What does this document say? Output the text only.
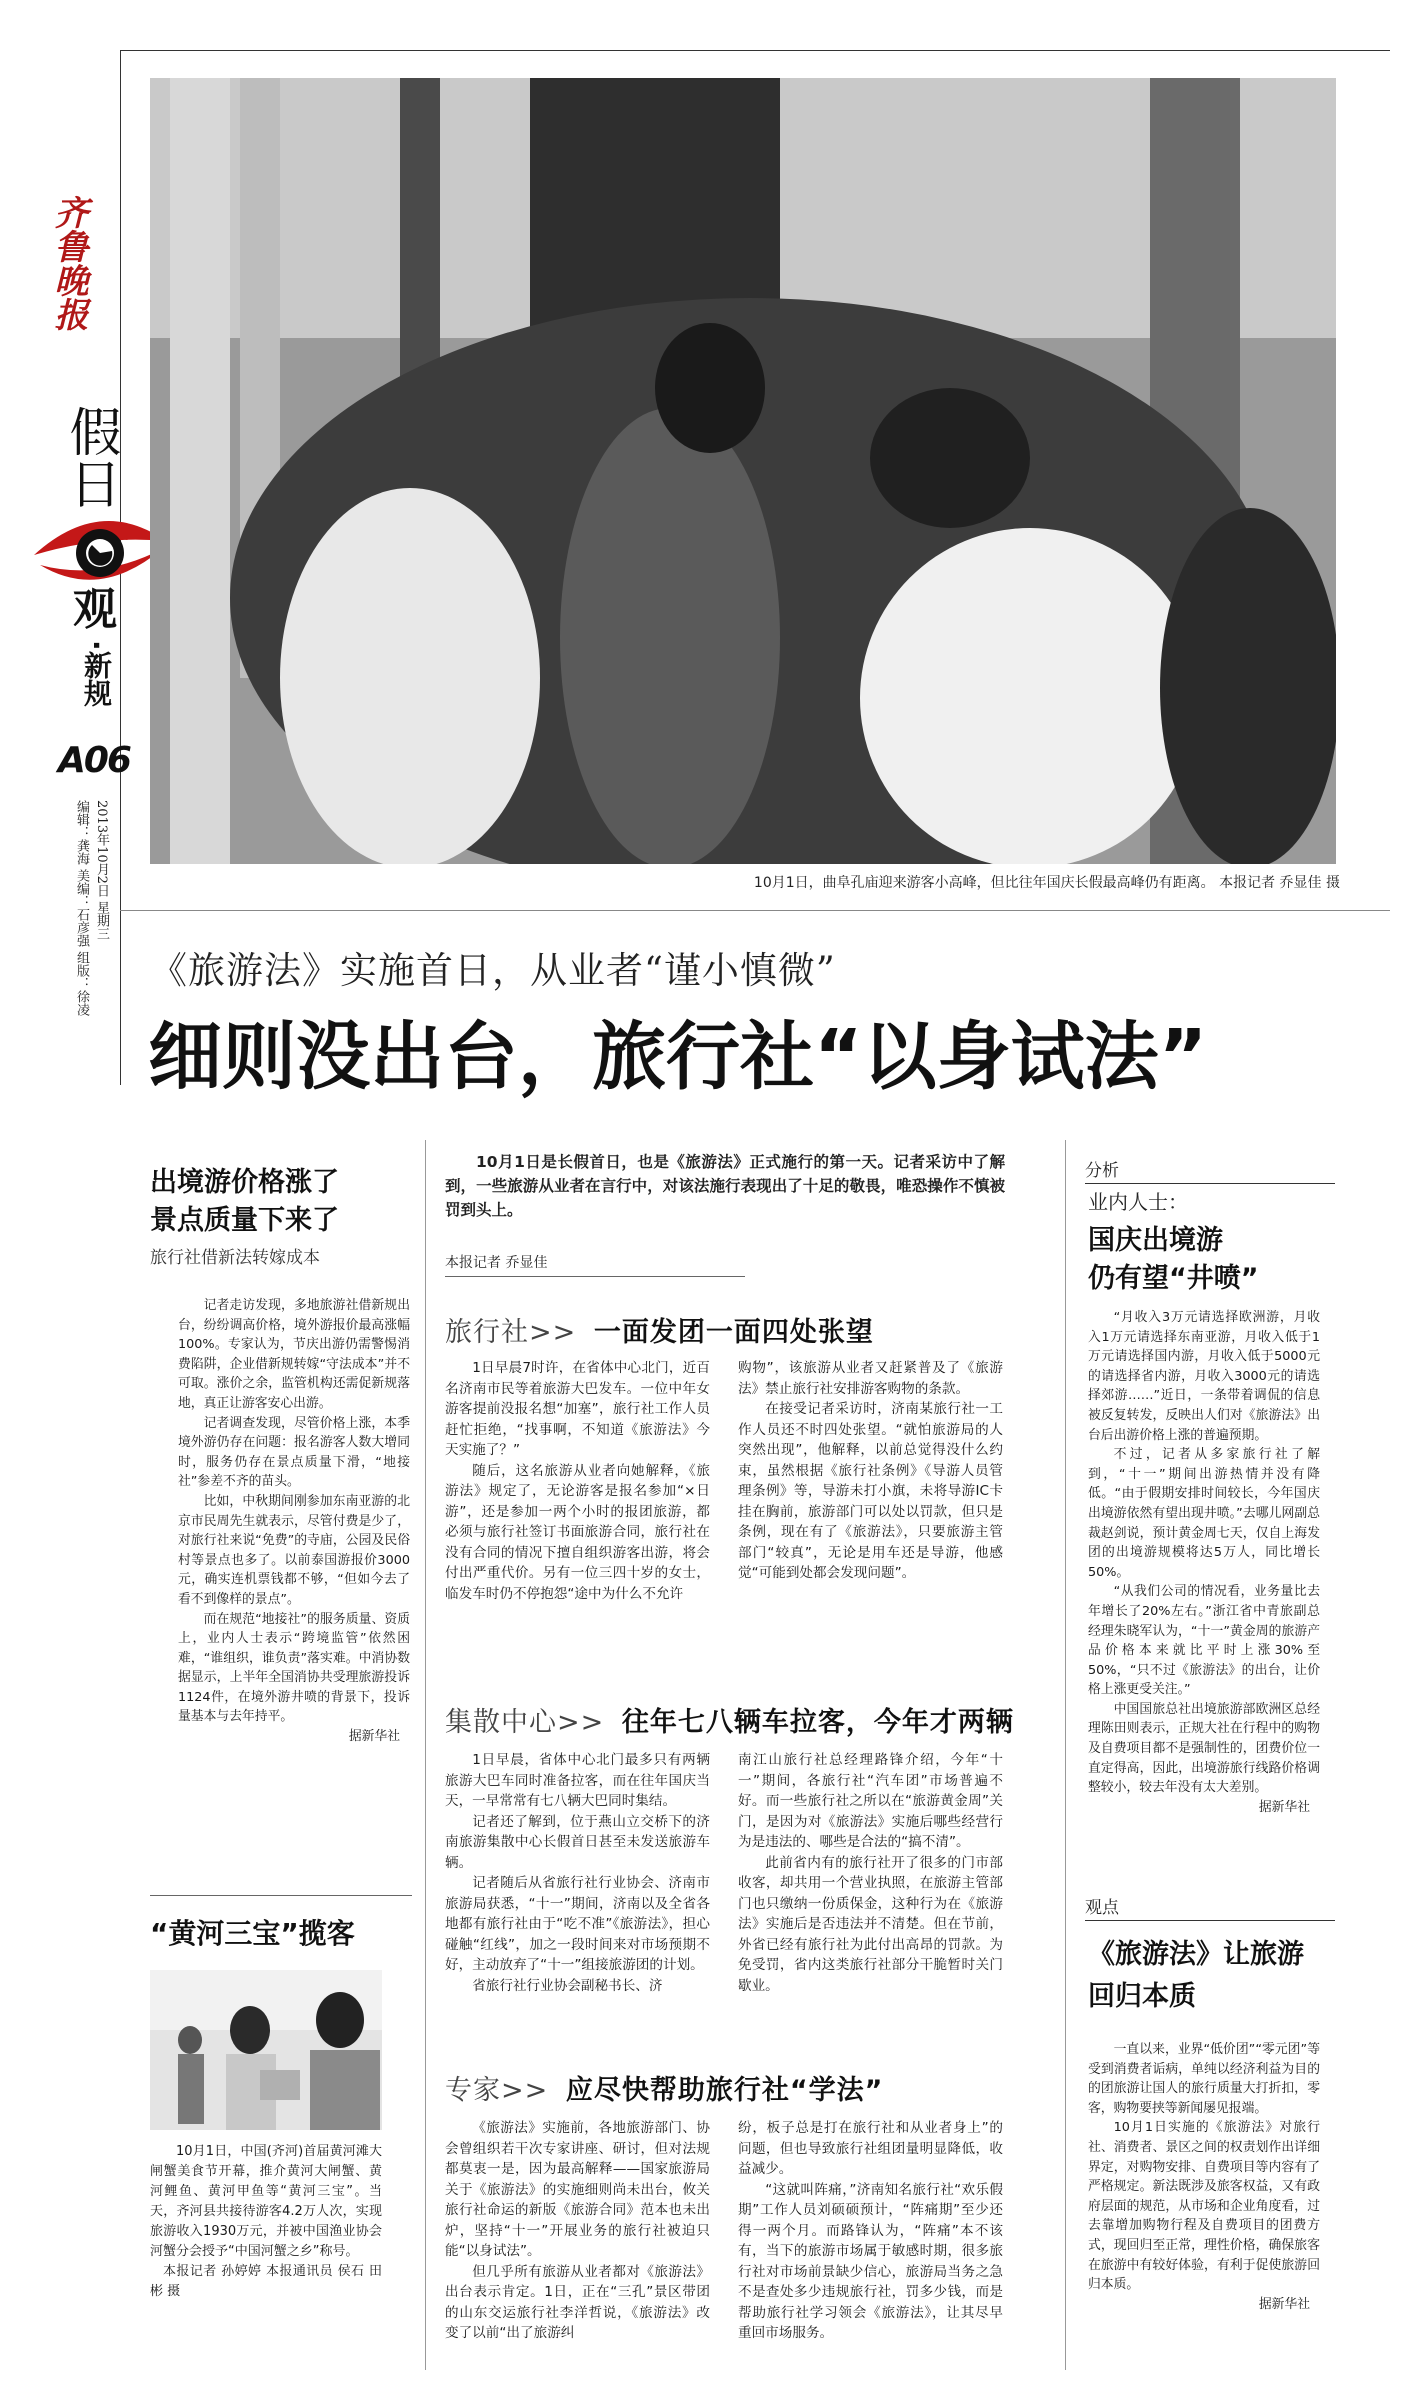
齐鲁晚报
假日
观
·新规
A06
2013年10月2日 星期三
编辑：龚海 美编：石彦强 组版：徐凌	10月1日，曲阜孔庙迎来游客小高峰，但比往年国庆长假最高峰仍有距离。 本报记者 乔显佳 摄
《旅游法》实施首日，从业者“谨小慎微”
细则没出台，旅行社“以身试法”
出境游价格涨了
景点质量下来了
旅行社借新法转嫁成本

记者走访发现，多地旅游社借新规出台，纷纷调高价格，境外游报价最高涨幅100%。专家认为，节庆出游仍需警惕消费陷阱，企业借新规转嫁“守法成本”并不可取。涨价之余，监管机构还需促新规落地，真正让游客安心出游。

记者调查发现，尽管价格上涨，本季境外游仍存在问题：报名游客人数大增同时，服务仍存在景点质量下滑，“地接社”参差不齐的苗头。

比如，中秋期间刚参加东南亚游的北京市民周先生就表示，尽管付费是少了，对旅行社来说“免费”的寺庙，公园及民俗村等景点也多了。以前泰国游报价3000元，确实连机票钱都不够，“但如今去了看不到像样的景点”。

而在规范“地接社”的服务质量、资质上，业内人士表示“跨境监管”依然困难，“谁组织，谁负责”落实难。中消协数据显示，上半年全国消协共受理旅游投诉1124件，在境外游井喷的背景下，投诉量基本与去年持平。

据新华社
“黄河三宝”揽客

10月1日，中国(齐河)首届黄河滩大闸蟹美食节开幕，推介黄河大闸蟹、黄河鲤鱼、黄河甲鱼等“黄河三宝”。当天，齐河县共接待游客4.2万人次，实现旅游收入1930万元，并被中国渔业协会河蟹分会授予“中国河蟹之乡”称号。

本报记者 孙婷婷 本报通讯员 侯石 田彬 摄

10月1日是长假首日，也是《旅游法》正式施行的第一天。记者采访中了解到，一些旅游从业者在言行中，对该法施行表现出了十足的敬畏，唯恐操作不慎被罚到头上。

本报记者 乔显佳
旅行社>> 一面发团一面四处张望

1日早晨7时许，在省体中心北门，近百名济南市民等着旅游大巴发车。一位中年女游客提前没报名想“加塞”，旅行社工作人员赶忙拒绝，“找事啊，不知道《旅游法》今天实施了？”

随后，这名旅游从业者向她解释，《旅游法》规定了，无论游客是报名参加“×日游”，还是参加一两个小时的报团旅游，都必须与旅行社签订书面旅游合同，旅行社在没有合同的情况下擅自组织游客出游，将会付出严重代价。另有一位三四十岁的女士，临发车时仍不停抱怨“途中为什么不允许

购物”，该旅游从业者又赶紧普及了《旅游法》禁止旅行社安排游客购物的条款。

在接受记者采访时，济南某旅行社一工作人员还不时四处张望。“就怕旅游局的人突然出现”，他解释，以前总觉得没什么约束，虽然根据《旅行社条例》《导游人员管理条例》等，导游未打小旗，未将导游IC卡挂在胸前，旅游部门可以处以罚款，但只是条例，现在有了《旅游法》，只要旅游主管部门“较真”，无论是用车还是导游，他感觉“可能到处都会发现问题”。

集散中心>> 往年七八辆车拉客，今年才两辆

1日早晨，省体中心北门最多只有两辆旅游大巴车同时准备拉客，而在往年国庆当天，一早常常有七八辆大巴同时集结。

记者还了解到，位于燕山立交桥下的济南旅游集散中心长假首日甚至未发送旅游车辆。

记者随后从省旅行社行业协会、济南市旅游局获悉，“十一”期间，济南以及全省各地都有旅行社由于“吃不准”《旅游法》，担心碰触“红线”，加之一段时间来对市场预期不好，主动放弃了“十一”组接旅游团的计划。

省旅行社行业协会副秘书长、济

南江山旅行社总经理路锋介绍，今年“十一”期间，各旅行社“汽车团”市场普遍不好。而一些旅行社之所以在“旅游黄金周”关门，是因为对《旅游法》实施后哪些经营行为是违法的、哪些是合法的“搞不清”。

此前省内有的旅行社开了很多的门市部收客，却共用一个营业执照，在旅游主管部门也只缴纳一份质保金，这种行为在《旅游法》实施后是否违法并不清楚。但在节前，外省已经有旅行社为此付出高昂的罚款。为免受罚，省内这类旅行社部分干脆暂时关门歇业。

专家>> 应尽快帮助旅行社“学法”

《旅游法》实施前，各地旅游部门、协会曾组织若干次专家讲座、研讨，但对法规都莫衷一是，因为最高解释——国家旅游局关于《旅游法》的实施细则尚未出台，攸关旅行社命运的新版《旅游合同》范本也未出炉，坚持“十一”开展业务的旅行社被迫只能“以身试法”。

但几乎所有旅游从业者都对《旅游法》出台表示肯定。1日，正在“三孔”景区带团的山东交运旅行社李洋哲说，《旅游法》改变了以前“出了旅游纠

纷，板子总是打在旅行社和从业者身上”的问题，但也导致旅行社组团量明显降低，收益减少。

“这就叫阵痛，”济南知名旅行社“欢乐假期”工作人员刘硕硕预计，“阵痛期”至少还得一两个月。而路锋认为，“阵痛”本不该有，当下的旅游市场属于敏感时期，很多旅行社对市场前景缺少信心，旅游局当务之急不是查处多少违规旅行社，罚多少钱，而是帮助旅行社学习领会《旅游法》，让其尽早重回市场服务。

分析
业内人士：
国庆出境游
仍有望“井喷”

“月收入3万元请选择欧洲游，月收入1万元请选择东南亚游，月收入低于1万元请选择国内游，月收入低于5000元的请选择省内游，月收入3000元的请选择郊游……”近日，一条带着调侃的信息被反复转发，反映出人们对《旅游法》出台后出游价格上涨的普遍预期。

不过，记者从多家旅行社了解到，“十一”期间出游热情并没有降低。“由于假期安排时间较长，今年国庆出境游依然有望出现井喷。”去哪儿网副总裁赵剑说，预计黄金周七天，仅自上海发团的出境游规模将达5万人，同比增长50%。

“从我们公司的情况看，业务量比去年增长了20%左右。”浙江省中青旅副总经理朱晓军认为，“十一”黄金周的旅游产品价格本来就比平时上涨30%至50%，“只不过《旅游法》的出台，让价格上涨更受关注。”

中国国旅总社出境旅游部欧洲区总经理陈田则表示，正规大社在行程中的购物及自费项目都不是强制性的，团费价位一直定得高，因此，出境游旅行线路价格调整较小，较去年没有太大差别。

据新华社
观点
《旅游法》让旅游
回归本质

一直以来，业界“低价团”“零元团”等受到消费者诟病，单纯以经济利益为目的的团旅游让国人的旅行质量大打折扣，零客，购物要挟等新闻屡见报端。

10月1日实施的《旅游法》对旅行社、消费者、景区之间的权责划作出详细界定，对购物安排、自费项目等内容有了严格规定。新法既涉及旅客权益，又有政府层面的规范，从市场和企业角度看，过去靠增加购物行程及自费项目的团费方式，现回归至正常，理性价格，确保旅客在旅游中有较好体验，有利于促使旅游回归本质。

据新华社
